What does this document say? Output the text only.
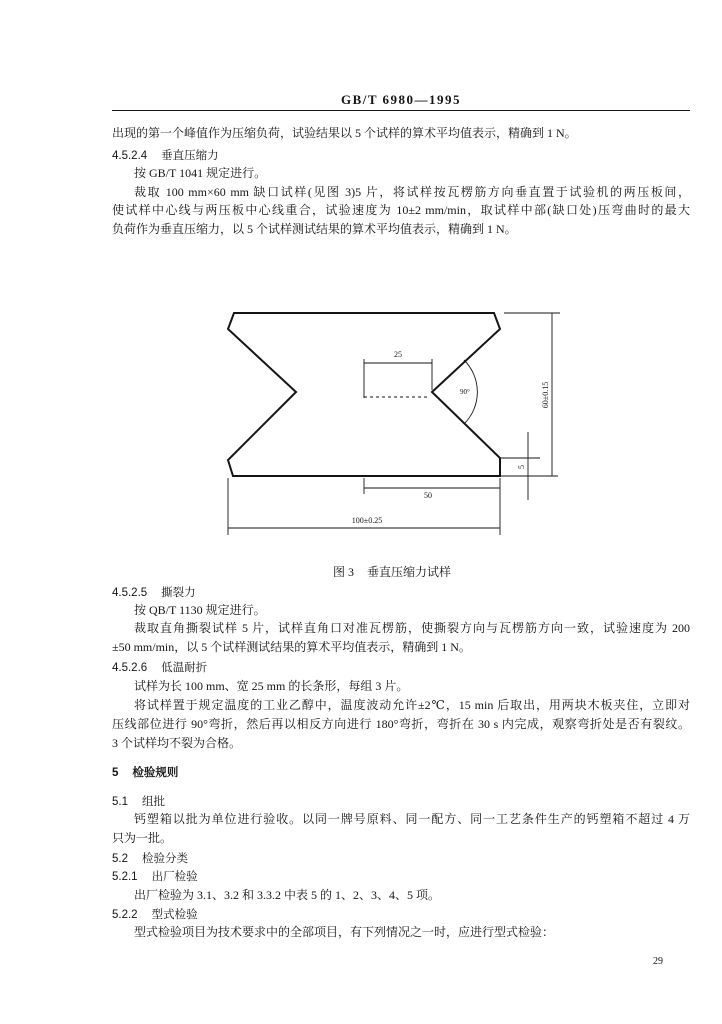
GB/T 6980—1995
出现的第一个峰值作为压缩负荷，试验结果以 5 个试样的算术平均值表示，精确到 1 N。
4.5.2.4 垂直压缩力
按 GB/T 1041 规定进行。
裁取 100 mm×60 mm 缺口试样(见图 3)5 片，将试样按瓦楞筋方向垂直置于试验机的两压板间，
使试样中心线与两压板中心线重合，试验速度为 10±2 mm/min，取试样中部(缺口处)压弯曲时的最大
负荷作为垂直压缩力，以 5 个试样测试结果的算术平均值表示，精确到 1 N。
25
90°	60±0.15
5
50
100±0.25
图 3 垂直压缩力试样
4.5.2.5 撕裂力
按 QB/T 1130 规定进行。
裁取直角撕裂试样 5 片，试样直角口对准瓦楞筋，使撕裂方向与瓦楞筋方向一致，试验速度为 200
±50 mm/min，以 5 个试样测试结果的算术平均值表示，精确到 1 N。
4.5.2.6 低温耐折
试样为长 100 mm、宽 25 mm 的长条形，每组 3 片。
将试样置于规定温度的工业乙醇中，温度波动允许±2℃，15 min 后取出，用两块木板夹住，立即对
压线部位进行 90°弯折，然后再以相反方向进行 180°弯折，弯折在 30 s 内完成，观察弯折处是否有裂纹。
3 个试样均不裂为合格。
5 检验规则
5.1 组批
钙塑箱以批为单位进行验收。以同一牌号原料、同一配方、同一工艺条件生产的钙塑箱不超过 4 万
只为一批。
5.2 检验分类
5.2.1 出厂检验
出厂检验为 3.1、3.2 和 3.3.2 中表 5 的 1、2、3、4、5 项。
5.2.2 型式检验
型式检验项目为技术要求中的全部项目，有下列情况之一时，应进行型式检验：
29
